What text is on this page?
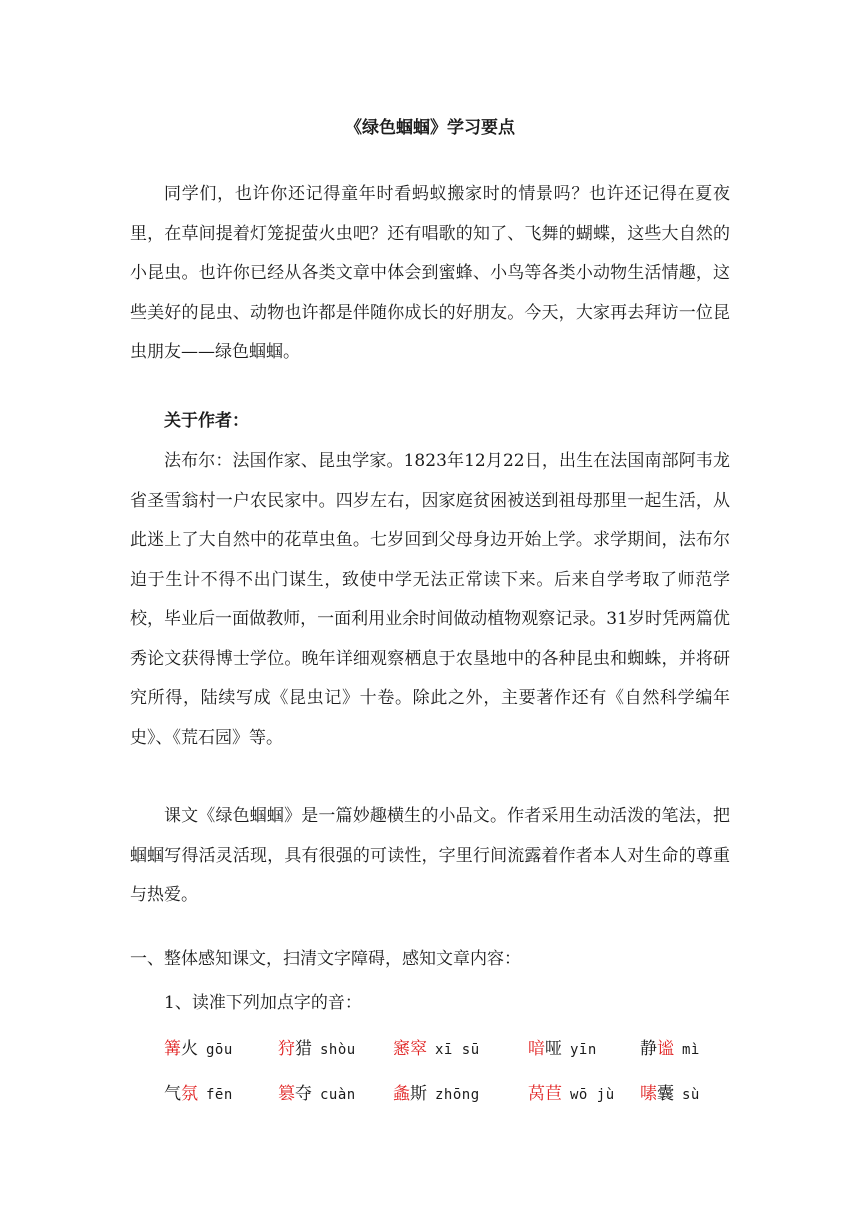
《绿色蝈蝈》学习要点

同学们，也许你还记得童年时看蚂蚁搬家时的情景吗？也许还记得在夏夜里，在草间提着灯笼捉萤火虫吧？还有唱歌的知了、飞舞的蝴蝶，这些大自然的小昆虫。也许你已经从各类文章中体会到蜜蜂、小鸟等各类小动物生活情趣，这些美好的昆虫、动物也许都是伴随你成长的好朋友。今天，大家再去拜访一位昆虫朋友——绿色蝈蝈。

关于作者：

法布尔：法国作家、昆虫学家。1823年12月22日，出生在法国南部阿韦龙省圣雪翁村一户农民家中。四岁左右，因家庭贫困被送到祖母那里一起生活，从此迷上了大自然中的花草虫鱼。七岁回到父母身边开始上学。求学期间，法布尔迫于生计不得不出门谋生，致使中学无法正常读下来。后来自学考取了师范学校，毕业后一面做教师，一面利用业余时间做动植物观察记录。31岁时凭两篇优秀论文获得博士学位。晚年详细观察栖息于农垦地中的各种昆虫和蜘蛛，并将研究所得，陆续写成《昆虫记》十卷。除此之外，主要著作还有《自然科学编年史》、《荒石园》等。

课文《绿色蝈蝈》是一篇妙趣横生的小品文。作者采用生动活泼的笔法，把蝈蝈写得活灵活现，具有很强的可读性，字里行间流露着作者本人对生命的尊重与热爱。

一、整体感知课文，扫清文字障碍，感知文章内容：

1、读准下列加点字的音：

篝火 gōu	狩猎 shòu 窸窣 xī sū	喑哑 yīn	静谧 mì
气氛 fēn	篡夺 cuàn 螽斯 zhōng	莴苣 wō jù 嗉囊 sù
